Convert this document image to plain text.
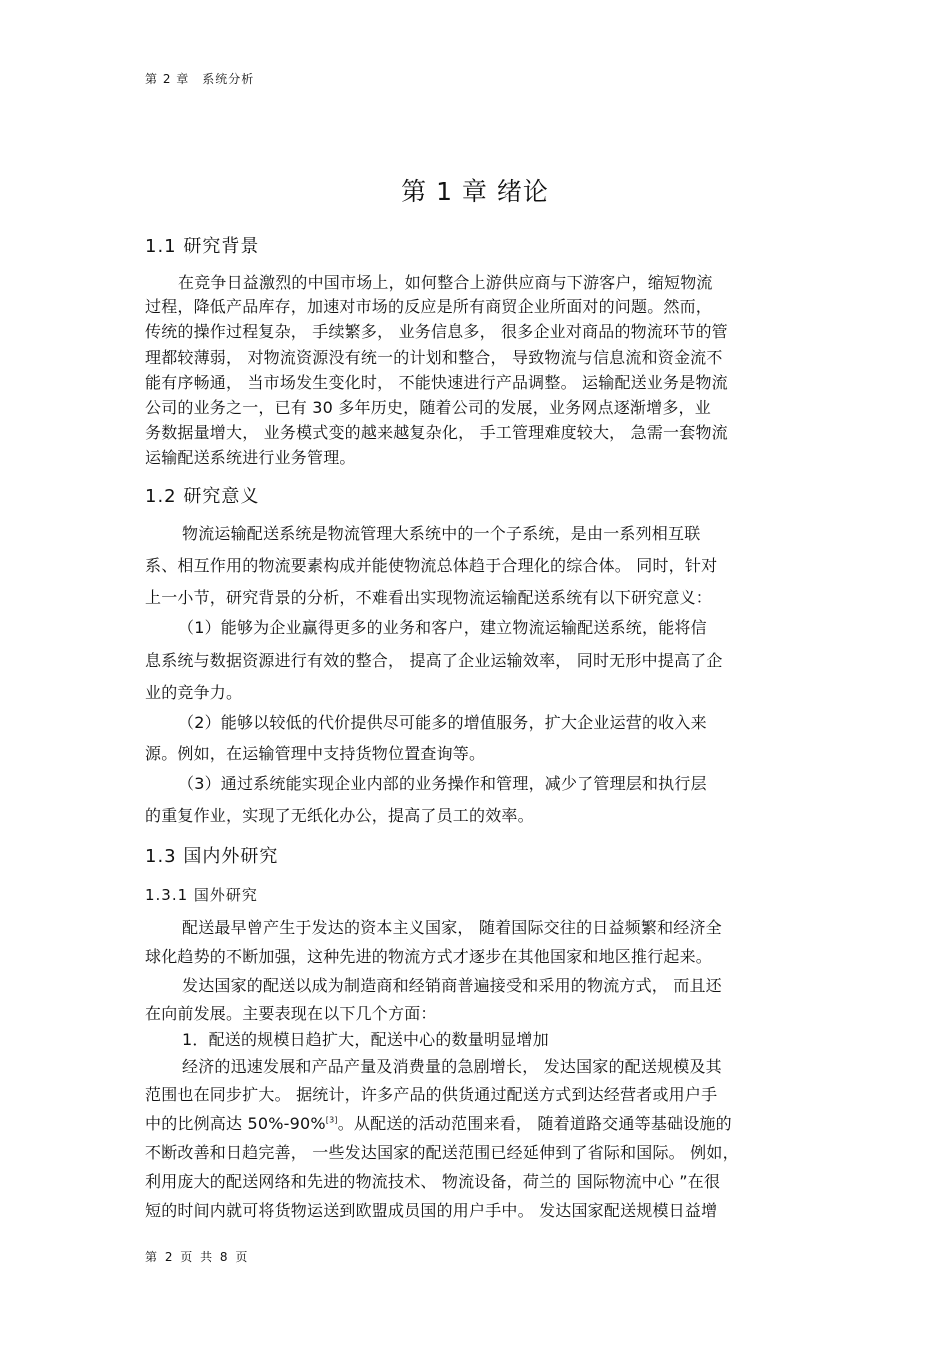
第 2 章　系统分析
第 1 章 绪论
1.1 研究背景
在竞争日益激烈的中国市场上，如何整合上游供应商与下游客户，缩短物流
过程，降低产品库存，加速对市场的反应是所有商贸企业所面对的问题。然而，
传统的操作过程复杂， 手续繁多， 业务信息多， 很多企业对商品的物流环节的管
理都较薄弱， 对物流资源没有统一的计划和整合， 导致物流与信息流和资金流不
能有序畅通， 当市场发生变化时， 不能快速进行产品调整。 运输配送业务是物流
公司的业务之一，已有 30 多年历史，随着公司的发展，业务网点逐渐增多，业
务数据量增大， 业务模式变的越来越复杂化， 手工管理难度较大， 急需一套物流
运输配送系统进行业务管理。
1.2 研究意义
物流运输配送系统是物流管理大系统中的一个子系统，是由一系列相互联
系、相互作用的物流要素构成并能使物流总体趋于合理化的综合体。 同时，针对
上一小节，研究背景的分析，不难看出实现物流运输配送系统有以下研究意义：
（1）能够为企业赢得更多的业务和客户，建立物流运输配送系统，能将信
息系统与数据资源进行有效的整合， 提高了企业运输效率， 同时无形中提高了企
业的竞争力。
（2）能够以较低的代价提供尽可能多的增值服务，扩大企业运营的收入来
源。例如，在运输管理中支持货物位置查询等。
（3）通过系统能实现企业内部的业务操作和管理，减少了管理层和执行层
的重复作业，实现了无纸化办公，提高了员工的效率。
1.3 国内外研究
1.3.1 国外研究
配送最早曾产生于发达的资本主义国家， 随着国际交往的日益频繁和经济全
球化趋势的不断加强，这种先进的物流方式才逐步在其他国家和地区推行起来。
发达国家的配送以成为制造商和经销商普遍接受和采用的物流方式， 而且还
在向前发展。主要表现在以下几个方面：
1．配送的规模日趋扩大，配送中心的数量明显增加
经济的迅速发展和产品产量及消费量的急剧增长， 发达国家的配送规模及其
范围也在同步扩大。 据统计，许多产品的供货通过配送方式到达经营者或用户手
中的比例高达 50%-90%[3]。从配送的活动范围来看， 随着道路交通等基础设施的
不断改善和日趋完善， 一些发达国家的配送范围已经延伸到了省际和国际。 例如，
利用庞大的配送网络和先进的物流技术、 物流设备，荷兰的 国际物流中心 ”在很
短的时间内就可将货物运送到欧盟成员国的用户手中。 发达国家配送规模日益增
第 2 页 共 8 页
